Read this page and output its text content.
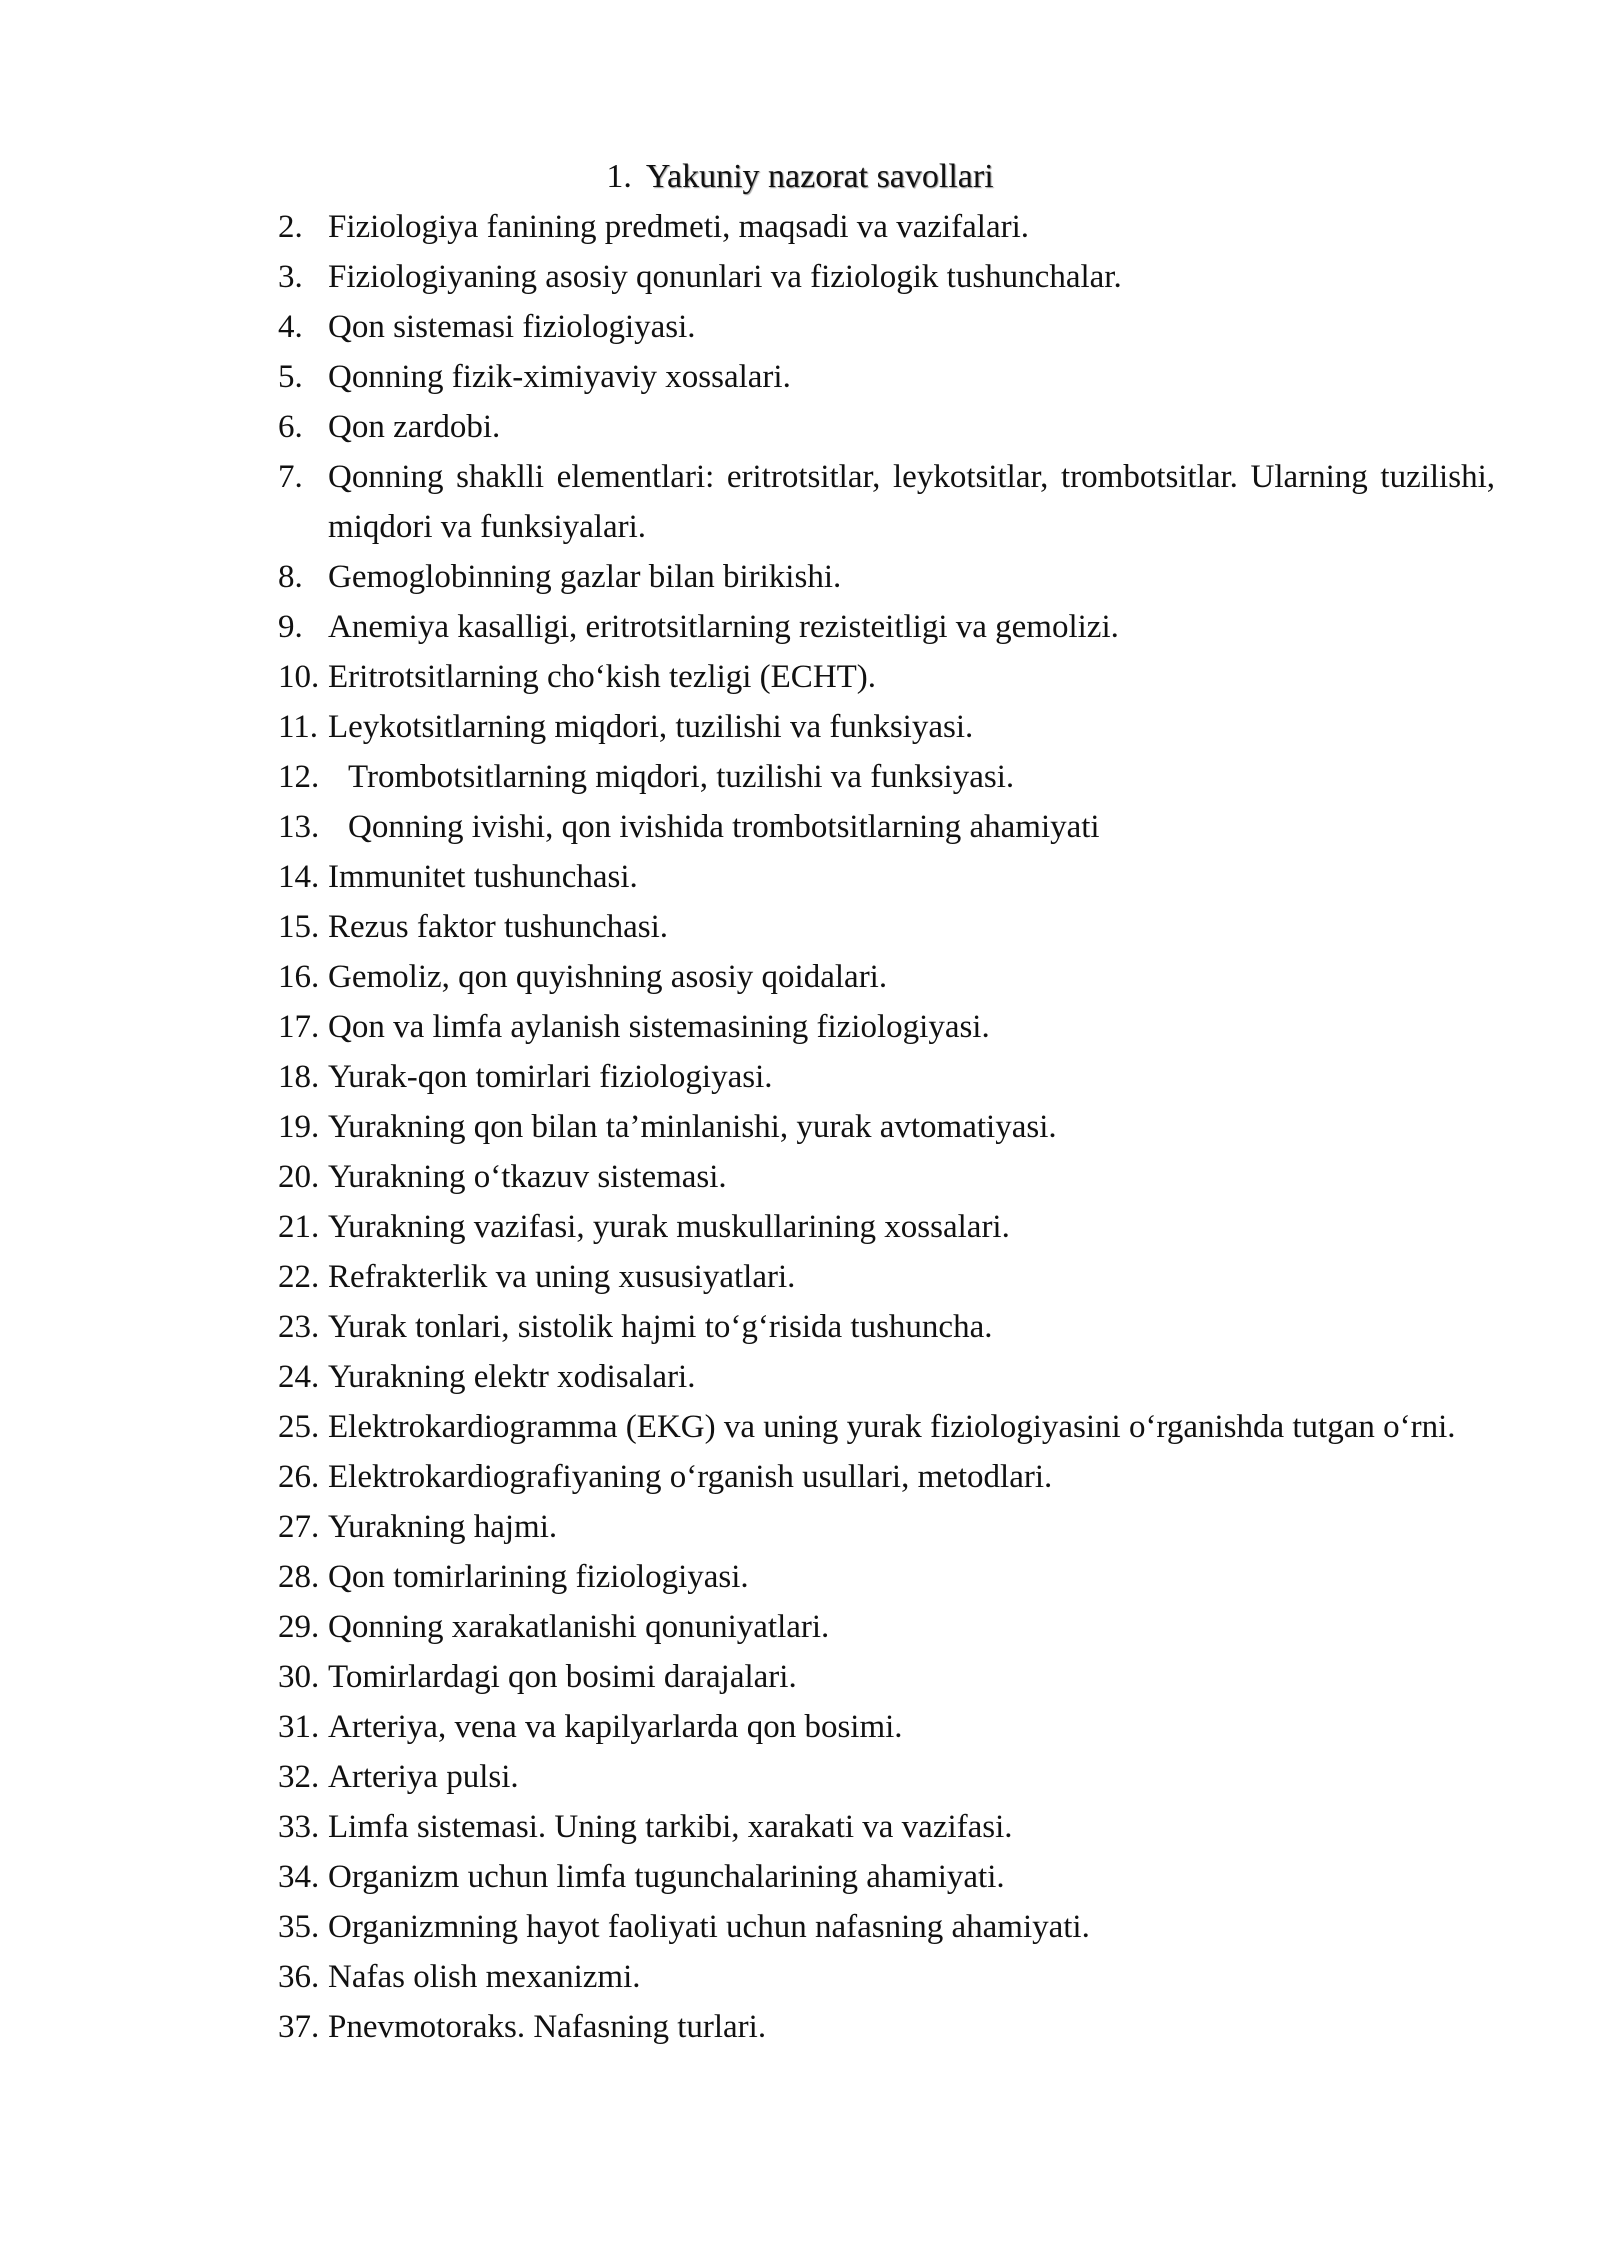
1. Yakuniy nazorat savollari
2. Fiziologiya fanining predmeti, maqsadi va vazifalari.
3. Fiziologiyaning asosiy qonunlari va fiziologik tushunchalar.
4. Qon sistemasi fiziologiyasi.
5. Qonning fizik-ximiyaviy xossalari.
6. Qon zardobi.
7. Qonning shaklli elementlari: eritrotsitlar, leykotsitlar, trombotsitlar. Ularning tuzilishi, miqdori va funksiyalari.
8. Gemoglobinning gazlar bilan birikishi.
9. Anemiya kasalligi, eritrotsitlarning rezisteitligi va gemolizi.
10. Eritrotsitlarning cho‘kish tezligi (ECHT).
11. Leykotsitlarning miqdori, tuzilishi va funksiyasi.
12. Trombotsitlarning miqdori, tuzilishi va funksiyasi.
13. Qonning ivishi, qon ivishida trombotsitlarning ahamiyati
14. Immunitet tushunchasi.
15. Rezus faktor tushunchasi.
16. Gemoliz, qon quyishning asosiy qoidalari.
17. Qon va limfa aylanish sistemasining fiziologiyasi.
18. Yurak-qon tomirlari fiziologiyasi.
19. Yurakning qon bilan ta’minlanishi, yurak avtomatiyasi.
20. Yurakning o‘tkazuv sistemasi.
21. Yurakning vazifasi, yurak muskullarining xossalari.
22. Refrakterlik va uning xususiyatlari.
23. Yurak tonlari, sistolik hajmi to‘g‘risida tushuncha.
24. Yurakning elektr xodisalari.
25. Elektrokardiogramma (EKG) va uning yurak fiziologiyasini o‘rganishda tutgan o‘rni.
26. Elektrokardiografiyaning o‘rganish usullari, metodlari.
27. Yurakning hajmi.
28. Qon tomirlarining fiziologiyasi.
29. Qonning xarakatlanishi qonuniyatlari.
30. Tomirlardagi qon bosimi darajalari.
31. Arteriya, vena va kapilyarlarda qon bosimi.
32. Arteriya pulsi.
33. Limfa sistemasi. Uning tarkibi, xarakati va vazifasi.
34. Organizm uchun limfa tugunchalarining ahamiyati.
35. Organizmning hayot faoliyati uchun nafasning ahamiyati.
36. Nafas olish mexanizmi.
37. Pnevmotoraks. Nafasning turlari.
